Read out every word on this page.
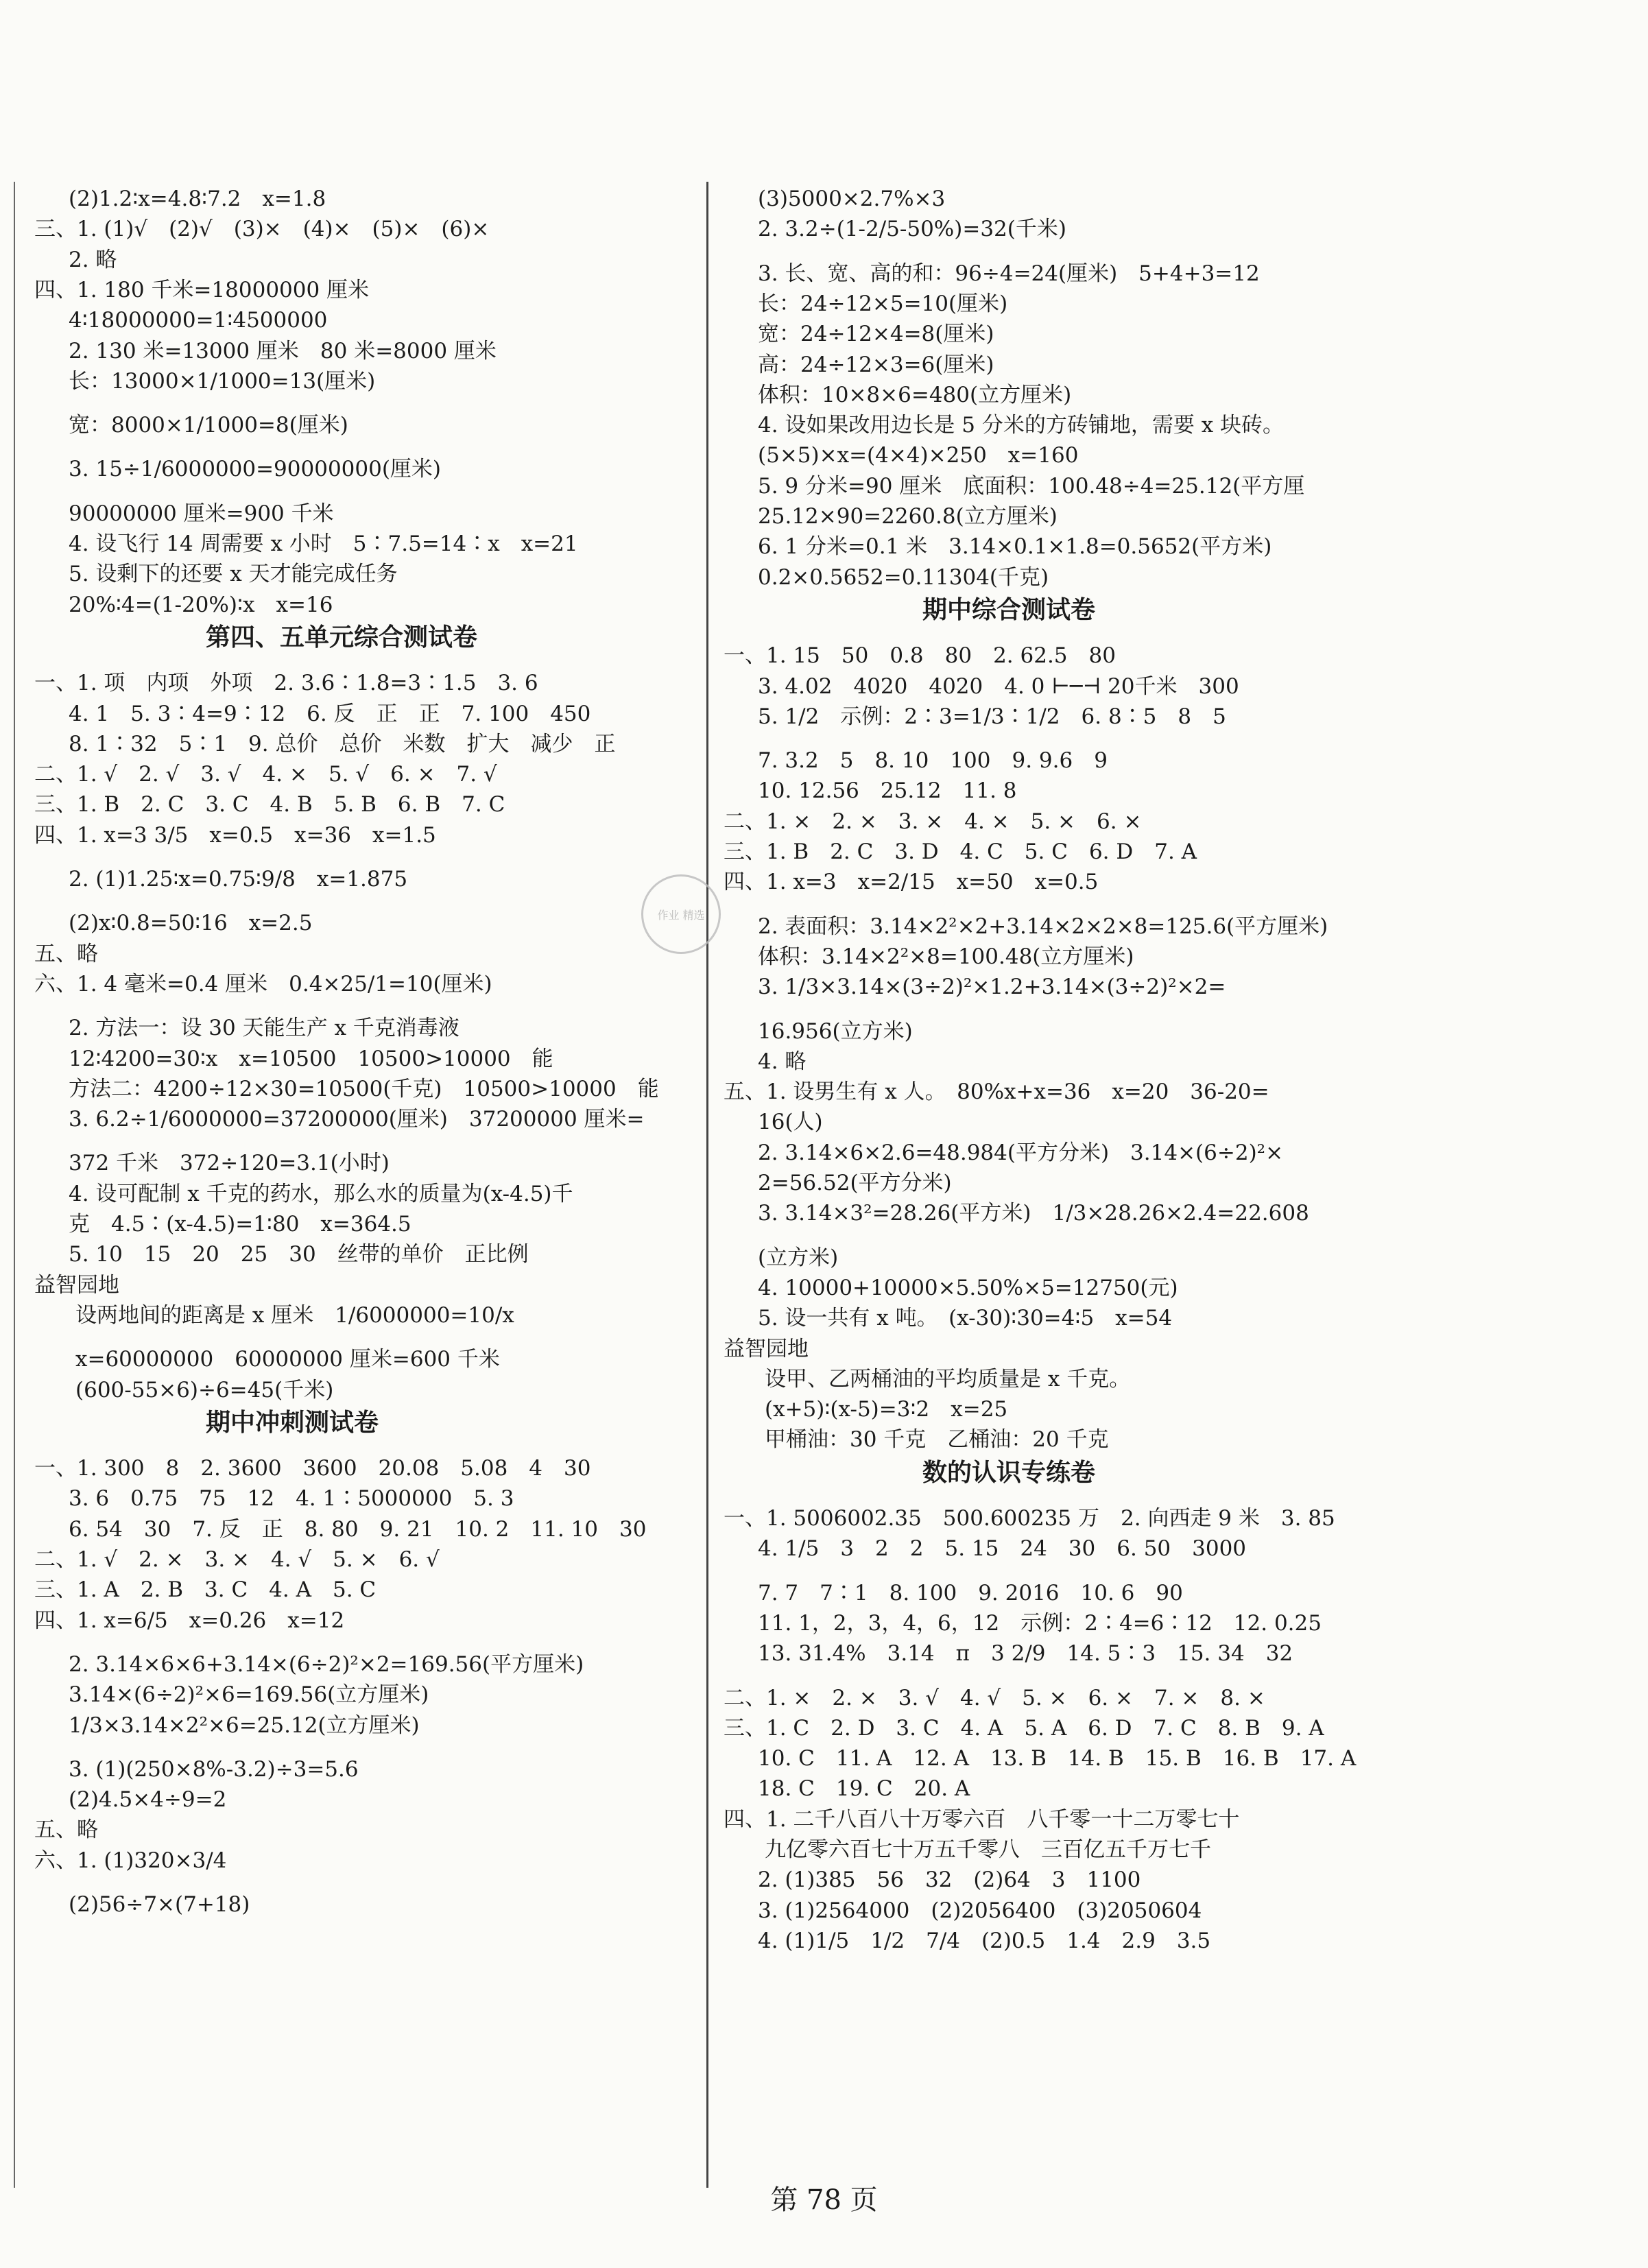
(2)1.2∶x=4.8∶7.2　x=1.8
三、1. (1)√　(2)√　(3)×　(4)×　(5)×　(6)×
2. 略
四、1. 180 千米=18000000 厘米
4∶18000000=1∶4500000
2. 130 米=13000 厘米　80 米=8000 厘米
长：13000×1/1000=13(厘米)
宽：8000×1/1000=8(厘米)
3. 15÷1/6000000=90000000(厘米)
90000000 厘米=900 千米
4. 设飞行 14 周需要 x 小时　5∶7.5=14∶x　x=21
5. 设剩下的还要 x 天才能完成任务
20%∶4=(1-20%)∶x　x=16
第四、五单元综合测试卷
一、1. 项　内项　外项　2. 3.6∶1.8=3∶1.5　3. 6
4. 1　5. 3∶4=9∶12　6. 反　正　正　7. 100　450
8. 1∶32　5∶1　9. 总价　总价　米数　扩大　减少　正
二、1. √　2. √　3. √　4. ×　5. √　6. ×　7. √
三、1. B　2. C　3. C　4. B　5. B　6. B　7. C
四、1. x=3 3/5　x=0.5　x=36　x=1.5
2. (1)1.25∶x=0.75∶9/8　x=1.875
(2)x∶0.8=50∶16　x=2.5
五、略
六、1. 4 毫米=0.4 厘米　0.4×25/1=10(厘米)
2. 方法一：设 30 天能生产 x 千克消毒液
12∶4200=30∶x　x=10500　10500>10000　能
方法二：4200÷12×30=10500(千克)　10500>10000　能
3. 6.2÷1/6000000=37200000(厘米)　37200000 厘米=
372 千米　372÷120=3.1(小时)
4. 设可配制 x 千克的药水，那么水的质量为(x-4.5)千
克　4.5∶(x-4.5)=1∶80　x=364.5
5. 10　15　20　25　30　丝带的单价　正比例
益智园地
设两地间的距离是 x 厘米　1/6000000=10/x
x=60000000　60000000 厘米=600 千米
(600-55×6)÷6=45(千米)
期中冲刺测试卷
一、1. 300　8　2. 3600　3600　20.08　5.08　4　30
3. 6　0.75　75　12　4. 1∶5000000　5. 3
6. 54　30　7. 反　正　8. 80　9. 21　10. 2　11. 10　30
二、1. √　2. ×　3. ×　4. √　5. ×　6. √
三、1. A　2. B　3. C　4. A　5. C
四、1. x=6/5　x=0.26　x=12
2. 3.14×6×6+3.14×(6÷2)²×2=169.56(平方厘米)
3.14×(6÷2)²×6=169.56(立方厘米)
1/3×3.14×2²×6=25.12(立方厘米)
3. (1)(250×8%-3.2)÷3=5.6
(2)4.5×4÷9=2
五、略
六、1. (1)320×3/4
(2)56÷7×(7+18)
(3)5000×2.7%×3
2. 3.2÷(1-2/5-50%)=32(千米)
3. 长、宽、高的和：96÷4=24(厘米)　5+4+3=12
长：24÷12×5=10(厘米)
宽：24÷12×4=8(厘米)
高：24÷12×3=6(厘米)
体积：10×8×6=480(立方厘米)
4. 设如果改用边长是 5 分米的方砖铺地，需要 x 块砖。
(5×5)×x=(4×4)×250　x=160
5. 9 分米=90 厘米　底面积：100.48÷4=25.12(平方厘
25.12×90=2260.8(立方厘米)
6. 1 分米=0.1 米　3.14×0.1×1.8=0.5652(平方米)
0.2×0.5652=0.11304(千克)
期中综合测试卷
一、1. 15　50　0.8　80　2. 62.5　80
3. 4.02　4020　4020　4. 0 ⊢─⊣ 20千米　300
5. 1/2　示例：2∶3=1/3∶1/2　6. 8∶5　8　5
7. 3.2　5　8. 10　100　9. 9.6　9
10. 12.56　25.12　11. 8
二、1. ×　2. ×　3. ×　4. ×　5. ×　6. ×
三、1. B　2. C　3. D　4. C　5. C　6. D　7. A
四、1. x=3　x=2/15　x=50　x=0.5
2. 表面积：3.14×2²×2+3.14×2×2×8=125.6(平方厘米)
体积：3.14×2²×8=100.48(立方厘米)
3. 1/3×3.14×(3÷2)²×1.2+3.14×(3÷2)²×2=
16.956(立方米)
4. 略
五、1. 设男生有 x 人。　80%x+x=36　x=20　36-20=
16(人)
2. 3.14×6×2.6=48.984(平方分米)　3.14×(6÷2)²×
2=56.52(平方分米)
3. 3.14×3²=28.26(平方米)　1/3×28.26×2.4=22.608
(立方米)
4. 10000+10000×5.50%×5=12750(元)
5. 设一共有 x 吨。　(x-30)∶30=4∶5　x=54
益智园地
设甲、乙两桶油的平均质量是 x 千克。
(x+5)∶(x-5)=3∶2　x=25
甲桶油：30 千克　乙桶油：20 千克
数的认识专练卷
一、1. 5006002.35　500.600235 万　2. 向西走 9 米　3. 85
4. 1/5　3　2　2　5. 15　24　30　6. 50　3000
7. 7　7∶1　8. 100　9. 2016　10. 6　90
11. 1，2，3，4，6，12　示例：2∶4=6∶12　12. 0.25
13. 31.4%　3.14　π　3 2/9　14. 5∶3　15. 34　32
二、1. ×　2. ×　3. √　4. √　5. ×　6. ×　7. ×　8. ×
三、1. C　2. D　3. C　4. A　5. A　6. D　7. C　8. B　9. A
10. C　11. A　12. A　13. B　14. B　15. B　16. B　17. A
18. C　19. C　20. A
四、1. 二千八百八十万零六百　八千零一十二万零七十
九亿零六百七十万五千零八　三百亿五千万七千
2. (1)385　56　32　(2)64　3　1100
3. (1)2564000　(2)2056400　(3)2050604
4. (1)1/5　1/2　7/4　(2)0.5　1.4　2.9　3.5
作业 精选
第 78 页
